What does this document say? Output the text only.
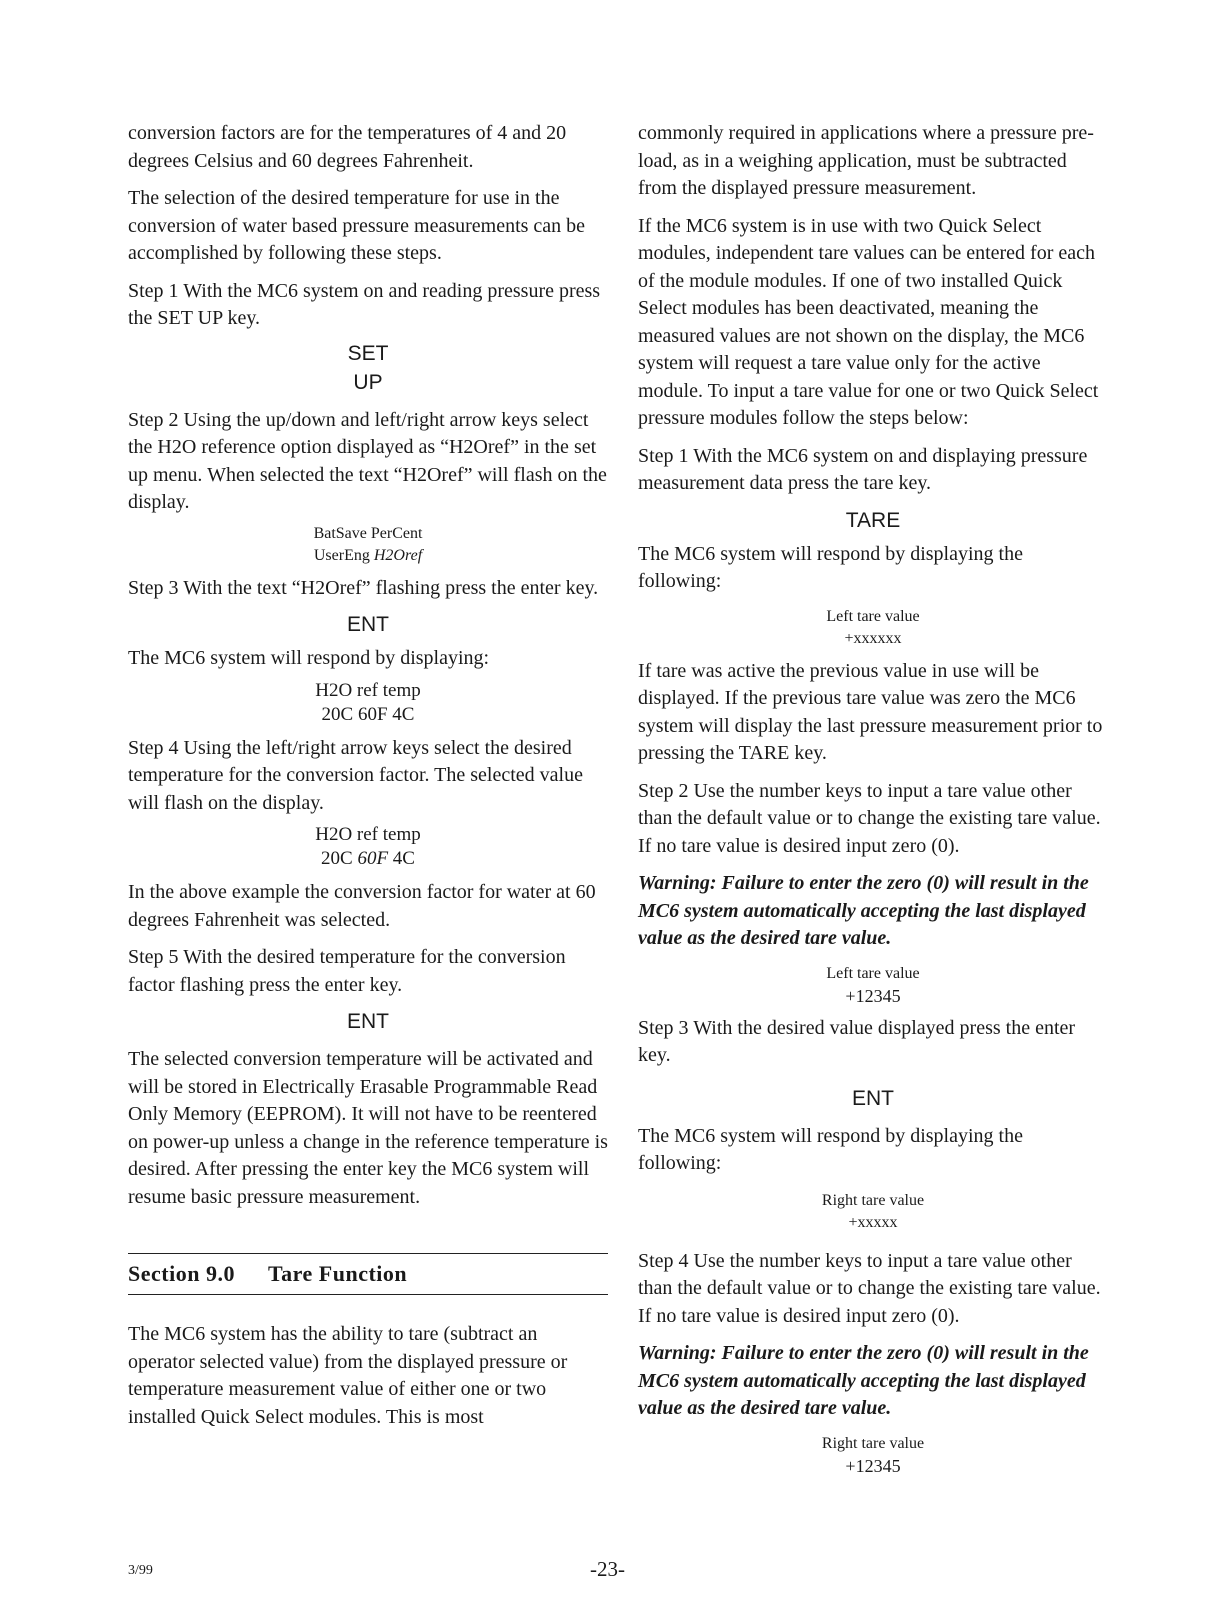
conversion factors are for the temperatures of 4 and 20 degrees Celsius and 60 degrees Fahrenheit.

The selection of the desired temperature for use in the conversion of water based pressure measurements can be accomplished by following these steps.

Step 1 With the MC6 system on and reading pressure press the SET UP key.

SET
UP

Step 2 Using the up/down and left/right arrow keys select the H2O reference option displayed as “H2Oref” in the set up menu. When selected the text “H2Oref” will flash on the display.

BatSave PerCent
UserEng H2Oref

Step 3 With the text “H2Oref” flashing press the enter key.

ENT

The MC6 system will respond by displaying:

H2O ref temp
20C 60F 4C

Step 4 Using the left/right arrow keys select the desired temperature for the conversion factor. The selected value will flash on the display.

H2O ref temp
20C 60F 4C

In the above example the conversion factor for water at 60 degrees Fahrenheit was selected.

Step 5 With the desired temperature for the conversion factor flashing press the enter key.

ENT

The selected conversion temperature will be activated and will be stored in Electrically Erasable Programmable Read Only Memory (EEPROM). It will not have to be reentered on power-up unless a change in the reference temperature is desired. After pressing the enter key the MC6 system will resume basic pressure measurement.

Section 9.0 Tare Function

The MC6 system has the ability to tare (subtract an operator selected value) from the displayed pressure or temperature measurement value of either one or two installed Quick Select modules. This is most

commonly required in applications where a pressure pre-load, as in a weighing application, must be subtracted from the displayed pressure measurement.

If the MC6 system is in use with two Quick Select modules, independent tare values can be entered for each of the module modules. If one of two installed Quick Select modules has been deactivated, meaning the measured values are not shown on the display, the MC6 system will request a tare value only for the active module. To input a tare value for one or two Quick Select pressure modules follow the steps below:

Step 1 With the MC6 system on and displaying pressure measurement data press the tare key.

TARE

The MC6 system will respond by displaying the following:

Left tare value
+xxxxxx

If tare was active the previous value in use will be displayed. If the previous tare value was zero the MC6 system will display the last pressure measurement prior to pressing the TARE key.

Step 2 Use the number keys to input a tare value other than the default value or to change the existing tare value. If no tare value is desired input zero (0).

Warning: Failure to enter the zero (0) will result in the MC6 system automatically accepting the last displayed value as the desired tare value.

Left tare value
+12345

Step 3 With the desired value displayed press the enter key.

ENT

The MC6 system will respond by displaying the following:

Right tare value
+xxxxx

Step 4 Use the number keys to input a tare value other than the default value or to change the existing tare value. If no tare value is desired input zero (0).

Warning: Failure to enter the zero (0) will result in the MC6 system automatically accepting the last displayed value as the desired tare value.

Right tare value
+12345
3/99	-23-
